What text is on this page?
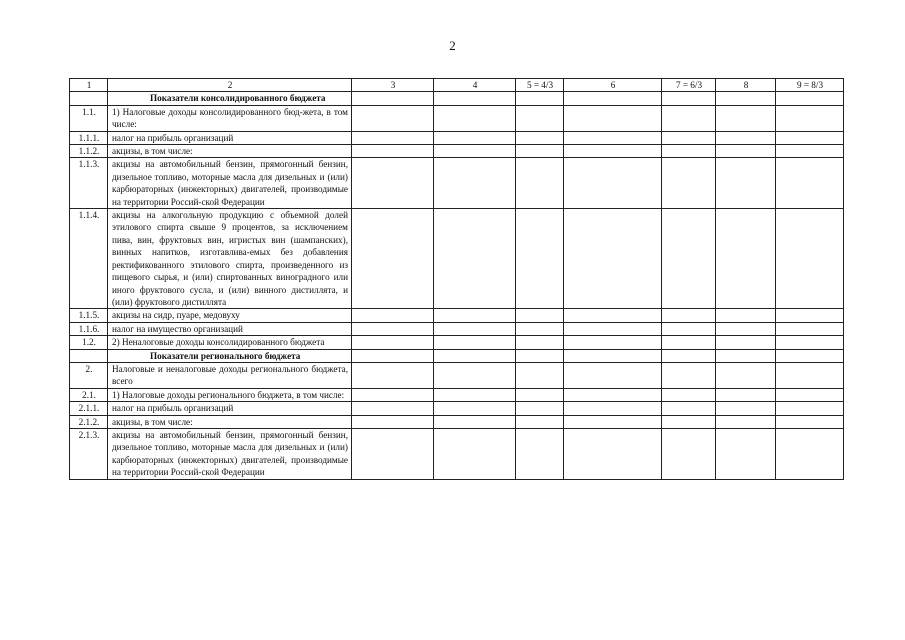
2
1	2	3	4	5 = 4/3	6	7 = 6/3	8	9 = 8/3
	Показатели консолидированного бюджета							
1.1.	1) Налоговые доходы консолидированного бюд-жета, в том числе:							
1.1.1.	налог на прибыль организаций							
1.1.2.	акцизы, в том числе:							
1.1.3.	акцизы на автомобильный бензин, прямогонный бензин, дизельное топливо, моторные масла для дизельных и (или) карбюраторных (инжекторных) двигателей, производимые на территории Россий-ской Федерации							
1.1.4.	акцизы на алкогольную продукцию с объемной долей этилового спирта свыше 9 процентов, за исключением пива, вин, фруктовых вин, игристых вин (шампанских), винных напитков, изготавлива-емых без добавления ректификованного этилового спирта, произведенного из пищевого сырья, и (или) спиртованных виноградного или иного фруктового сусла, и (или) винного дистиллята, и (или) фруктового дистиллята							
1.1.5.	акцизы на сидр, пуаре, медовуху							
1.1.6.	налог на имущество организаций							
1.2.	2) Неналоговые доходы консолидированного бюджета							
	Показатели регионального бюджета							
2.	Налоговые и неналоговые доходы регионального бюджета, всего							
2.1.	1) Налоговые доходы регионального бюджета, в том числе:							
2.1.1.	налог на прибыль организаций							
2.1.2.	акцизы, в том числе:							
2.1.3.	акцизы на автомобильный бензин, прямогонный бензин, дизельное топливо, моторные масла для дизельных и (или) карбюраторных (инжекторных) двигателей, производимые на территории Россий-ской Федерации							
